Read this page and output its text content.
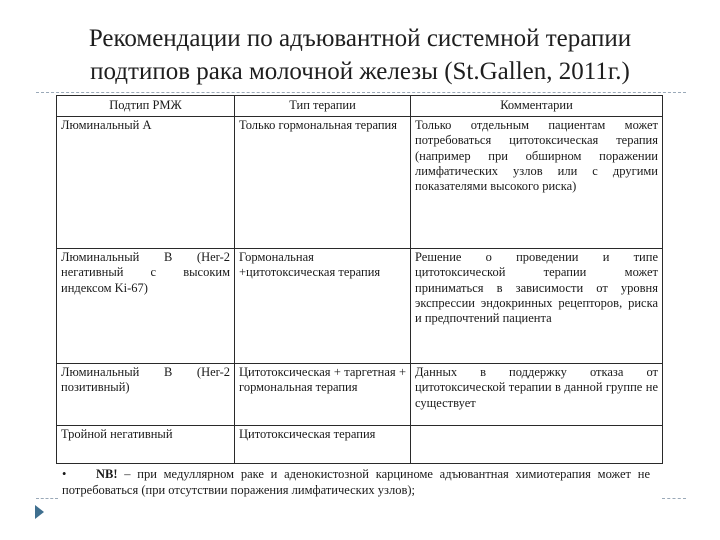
Рекомендации по адъювантной системной терапии
подтипов рака молочной железы (St.Gallen, 2011г.)
Подтип РМЖ	Тип терапии	Комментарии
Люминальный А	Только гормональная терапия	Только отдельным пациентам может потребоваться цитотоксическая терапия (например при обширном поражении лимфатических узлов или с другими показателями высокого риска)
Люминальный В (Her-2 негативный с высоким индексом Ki-67)	Гормональная +цитотоксическая терапия	Решение о проведении и типе цитотоксической терапии может приниматься в зависимости от уровня экспрессии эндокринных рецепторов, риска и предпочтений пациента
Люминальный В (Her-2 позитивный)	Цитотоксическая + таргетная + гормональная терапия	Данных в поддержку отказа от цитотоксической терапии в данной группе не существует
Тройной негативный	Цитотоксическая терапия	
• NB! – при медуллярном раке и аденокистозной карциноме адъювантная химиотерапия может не потребоваться (при отсутствии поражения лимфатических узлов);
